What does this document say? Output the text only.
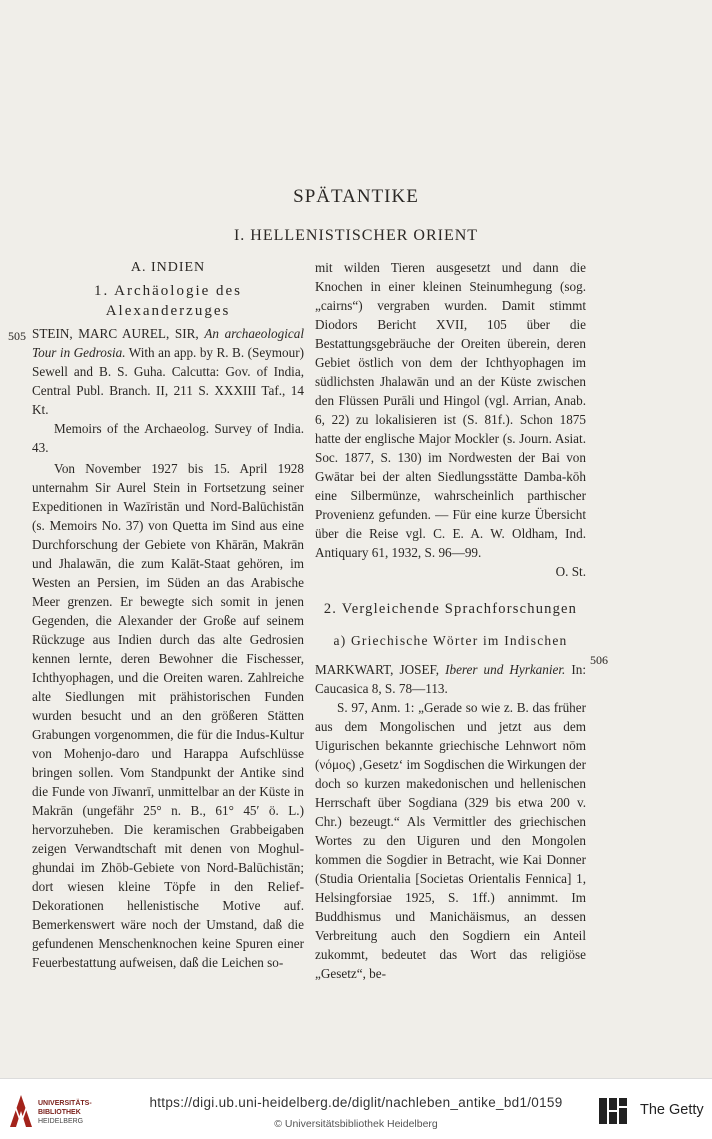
SPÄTANTIKE
I. HELLENISTISCHER ORIENT
505
506

A. INDIEN

1. Archäologie des Alexanderzuges

STEIN, MARC AUREL, SIR, An archaeological Tour in Gedrosia. With an app. by R. B. (Seymour) Sewell and B. S. Guha. Calcutta: Gov. of India, Central Publ. Branch. II, 211 S. XXXIII Taf., 14 Kt.

Memoirs of the Archaeolog. Survey of India. 43.

Von November 1927 bis 15. April 1928 unternahm Sir Aurel Stein in Fortsetzung seiner Expeditionen in Wazīristān und Nord-Balūchistān (s. Memoirs No. 37) von Quetta im Sind aus eine Durchforschung der Gebiete von Khārān, Makrān und Jhalawān, die zum Kalāt-Staat gehören, im Westen an Persien, im Süden an das Arabische Meer grenzen. Er bewegte sich somit in jenen Gegenden, die Alexander der Große auf seinem Rückzuge aus Indien durch das alte Gedrosien kennen lernte, deren Bewohner die Fischesser, Ichthyophagen, und die Oreiten waren. Zahlreiche alte Siedlungen mit prähistorischen Funden wurden besucht und an den größeren Stätten Grabungen vorgenommen, die für die Indus-Kultur von Mohenjo-daro und Harappa Aufschlüsse bringen sollen. Vom Standpunkt der Antike sind die Funde von Jīwanrī, unmittelbar an der Küste in Makrān (ungefähr 25° n. B., 61° 45′ ö. L.) hervorzuheben. Die keramischen Grabbeigaben zeigen Verwandtschaft mit denen von Moghul-ghundai im Zhōb-Gebiete von Nord-Balūchistān; dort wiesen kleine Töpfe in den Relief-Dekorationen hellenistische Motive auf. Bemerkenswert wäre noch der Umstand, daß die gefundenen Menschenknochen keine Spuren einer Feuerbestattung aufweisen, daß die Leichen so-

mit wilden Tieren ausgesetzt und dann die Knochen in einer kleinen Steinumhegung (sog. „cairns“) vergraben wurden. Damit stimmt Diodors Bericht XVII, 105 über die Bestattungsgebräuche der Oreiten überein, deren Gebiet östlich von dem der Ichthyophagen im südlichsten Jhalawān und an der Küste zwischen den Flüssen Purāli und Hingol (vgl. Arrian, Anab. 6, 22) zu lokalisieren ist (S. 81f.). Schon 1875 hatte der englische Major Mockler (s. Journ. Asiat. Soc. 1877, S. 130) im Nordwesten der Bai von Gwātar bei der alten Siedlungsstätte Damba-kōh eine Silbermünze, wahrscheinlich parthischer Provenienz gefunden. — Für eine kurze Übersicht über die Reise vgl. C. E. A. W. Oldham, Ind. Antiquary 61, 1932, S. 96—99.

O. St.

2. Vergleichende Sprachforschungen

a) Griechische Wörter im Indischen

MARKWART, JOSEF, Iberer und Hyrkanier. In: Caucasica 8, S. 78—113.

S. 97, Anm. 1: „Gerade so wie z. B. das früher aus dem Mongolischen und jetzt aus dem Uigurischen bekannte griechische Lehnwort nōm (νόμος) ‚Gesetz‘ im Sogdischen die Wirkungen der doch so kurzen makedonischen und hellenischen Herrschaft über Sogdiana (329 bis etwa 200 v. Chr.) bezeugt.“ Als Vermittler des griechischen Wortes zu den Uiguren und den Mongolen kommen die Sogdier in Betracht, wie Kai Donner (Studia Orientalia [Societas Orientalis Fennica] 1, Helsingforsiae 1925, S. 1ff.) annimmt. Im Buddhismus und Manichäismus, an dessen Verbreitung auch den Sogdiern ein Anteil zukommt, bedeutet das Wort das religiöse „Gesetz“, be-

UNIVERSITÄTS-
BIBLIOTHEK
HEIDELBERG
https://digi.ub.uni-heidelberg.de/diglit/nachleben_antike_bd1/0159
© Universitätsbibliothek Heidelberg
The Getty
